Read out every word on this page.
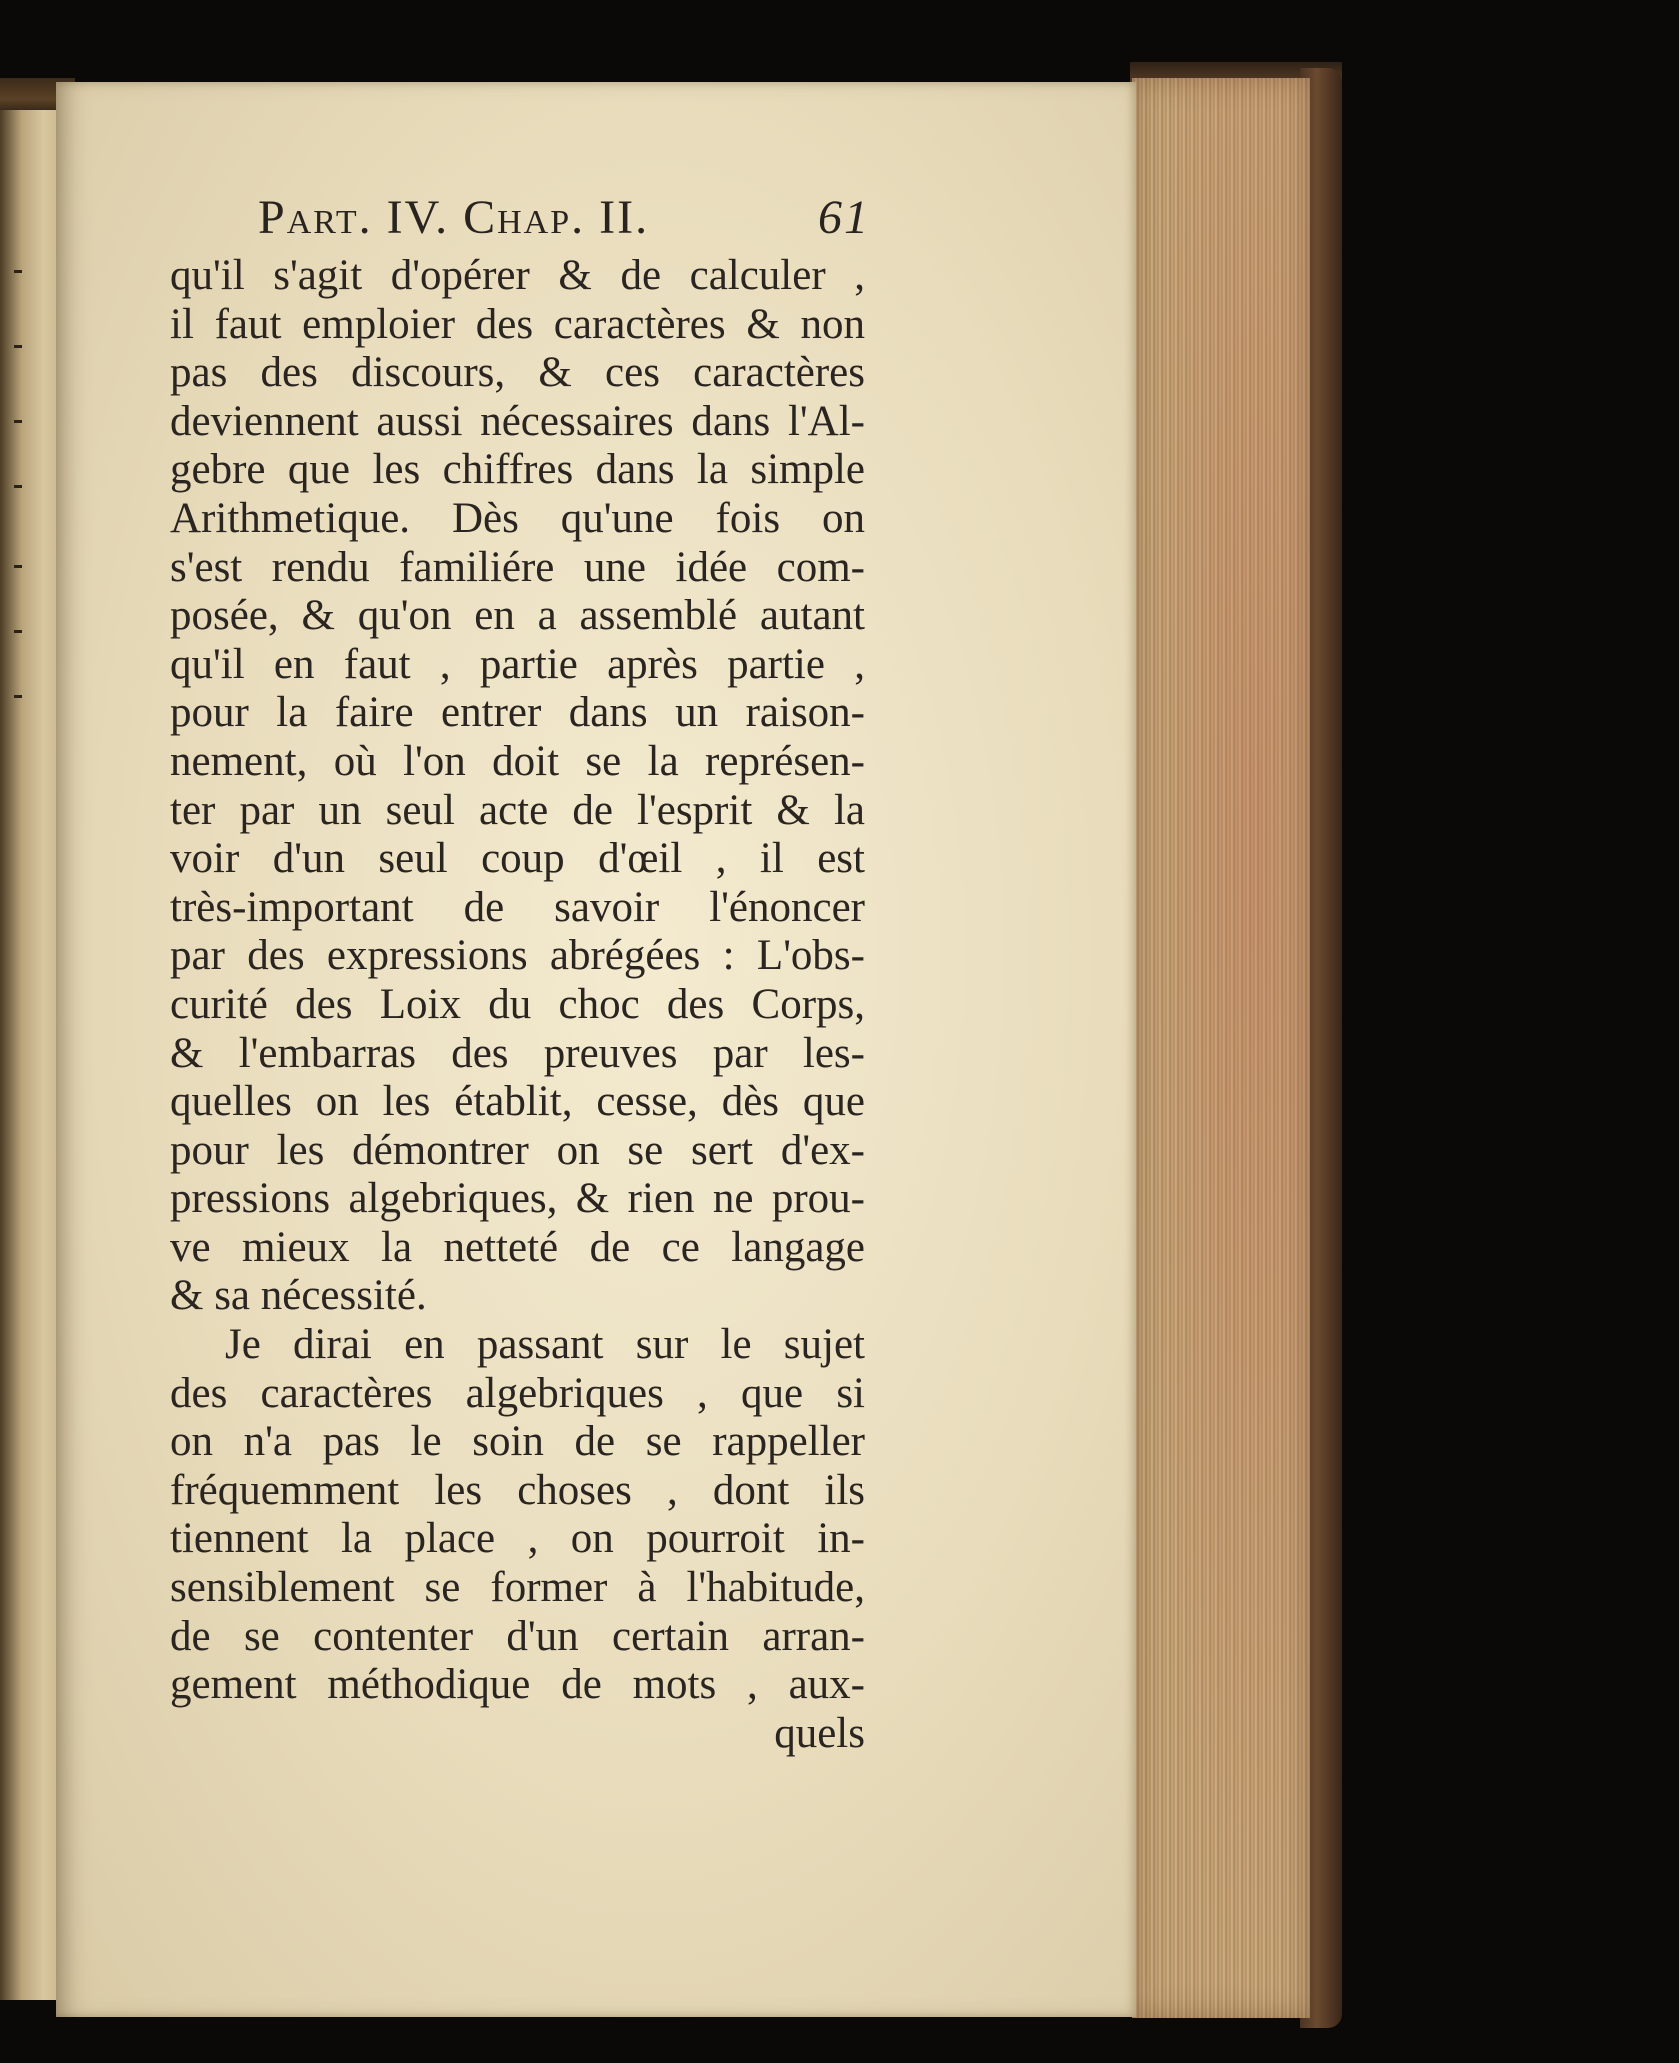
Part. IV. Chap. II.	61
qu'il s'agit d'opérer & de calculer ,
il faut emploier des caractères & non
pas des discours, & ces caractères
deviennent aussi nécessaires dans l'Al-
gebre que les chiffres dans la simple
Arithmetique. Dès qu'une fois on
s'est rendu familiére une idée com-
posée, & qu'on en a assemblé autant
qu'il en faut , partie après partie ,
pour la faire entrer dans un raison-
nement, où l'on doit se la représen-
ter par un seul acte de l'esprit & la
voir d'un seul coup d'œil , il est
très-important de savoir l'énoncer
par des expressions abrégées : L'obs-
curité des Loix du choc des Corps,
& l'embarras des preuves par les-
quelles on les établit, cesse, dès que
pour les démontrer on se sert d'ex-
pressions algebriques, & rien ne prou-
ve mieux la netteté de ce langage
& sa nécessité.
Je dirai en passant sur le sujet
des caractères algebriques , que si
on n'a pas le soin de se rappeller
fréquemment les choses , dont ils
tiennent la place , on pourroit in-
sensiblement se former à l'habitude,
de se contenter d'un certain arran-
gement méthodique de mots , aux-
quels
